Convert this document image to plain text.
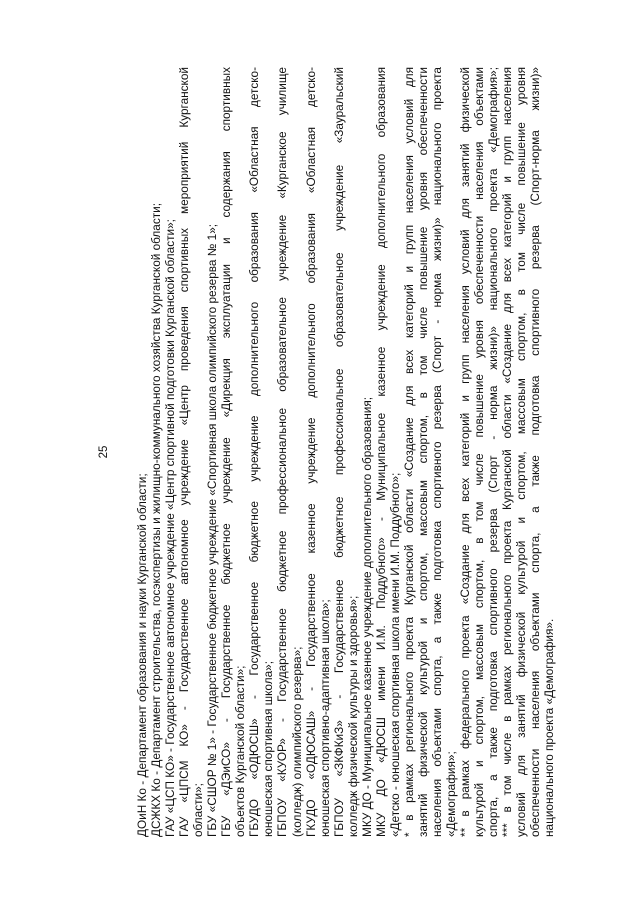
25
ДОиН Ко - Департамент образования и науки Курганской области; ДСЖКХ Ко - Департамент строительства, госэкспертизы и жилищно-коммунального хозяйства Курганской области; ГАУ «ЦСП КО» - Государственное автономное учреждение «Центр спортивной подготовки Курганской области»; ГАУ «ЦПСМ КО» - Государственное автономное учреждение «Центр проведения спортивных мероприятий Курганской области»; ГБУ «СШОР № 1» - Государственное бюджетное учреждение «Спортивная школа олимпийского резерва № 1»; ГБУ «ДЭиСО» - Государственное бюджетное учреждение «Дирекция эксплуатации и содержания спортивных объектов Курганской области»; ГБУДО «ОДЮСШ» - Государственное бюджетное учреждение дополнительного образования «Областная детско- юношеская спортивная школа»; ГБПОУ «КУОР» - Государственное бюджетное профессиональное образовательное учреждение «Курганское училище (колледж) олимпийского резерва»; ГКУДО «ОДЮСАШ» - Государственное казенное учреждение дополнительного образования «Областная детско- юношеская спортивно-адаптивная школа»; ГБПОУ «ЗКФКиЗ» - Государственное бюджетное профессиональное образовательное учреждение «Зауральский колледж физической культуры и здоровья»; МКУ ДО - Муниципальное казенное учреждение дополнительного образования; МКУ ДО «ДЮСШ имени И.М. Поддубного» - Муниципальное казенное учреждение дополнительного образования «Детско - юношеская спортивная школа имени И.М. Поддубного»; * в рамках регионального проекта Курганской области «Создание для всех категорий и групп населения условий для занятий физической культурой и спортом, массовым спортом, в том числе повышение уровня обеспеченности населения объектами спорта, а также подготовка спортивного резерва (Спорт - норма жизни)» национального проекта «Демография»; ** в рамках федерального проекта «Создание для всех категорий и групп населения условий для занятий физической культурой и спортом, массовым спортом, в том числе повышение уровня обеспеченности населения объектами спорта, а также подготовка спортивного резерва (Спорт - норма жизни)» национального проекта «Демография»; *** в том числе в рамках регионального проекта Курганской области «Создание для всех категорий и групп населения условий для занятий физической культурой и спортом, массовым спортом, в том числе повышение уровня обеспеченности населения объектами спорта, а также подготовка спортивного резерва (Спорт-норма жизни)» национального проекта «Демография».
